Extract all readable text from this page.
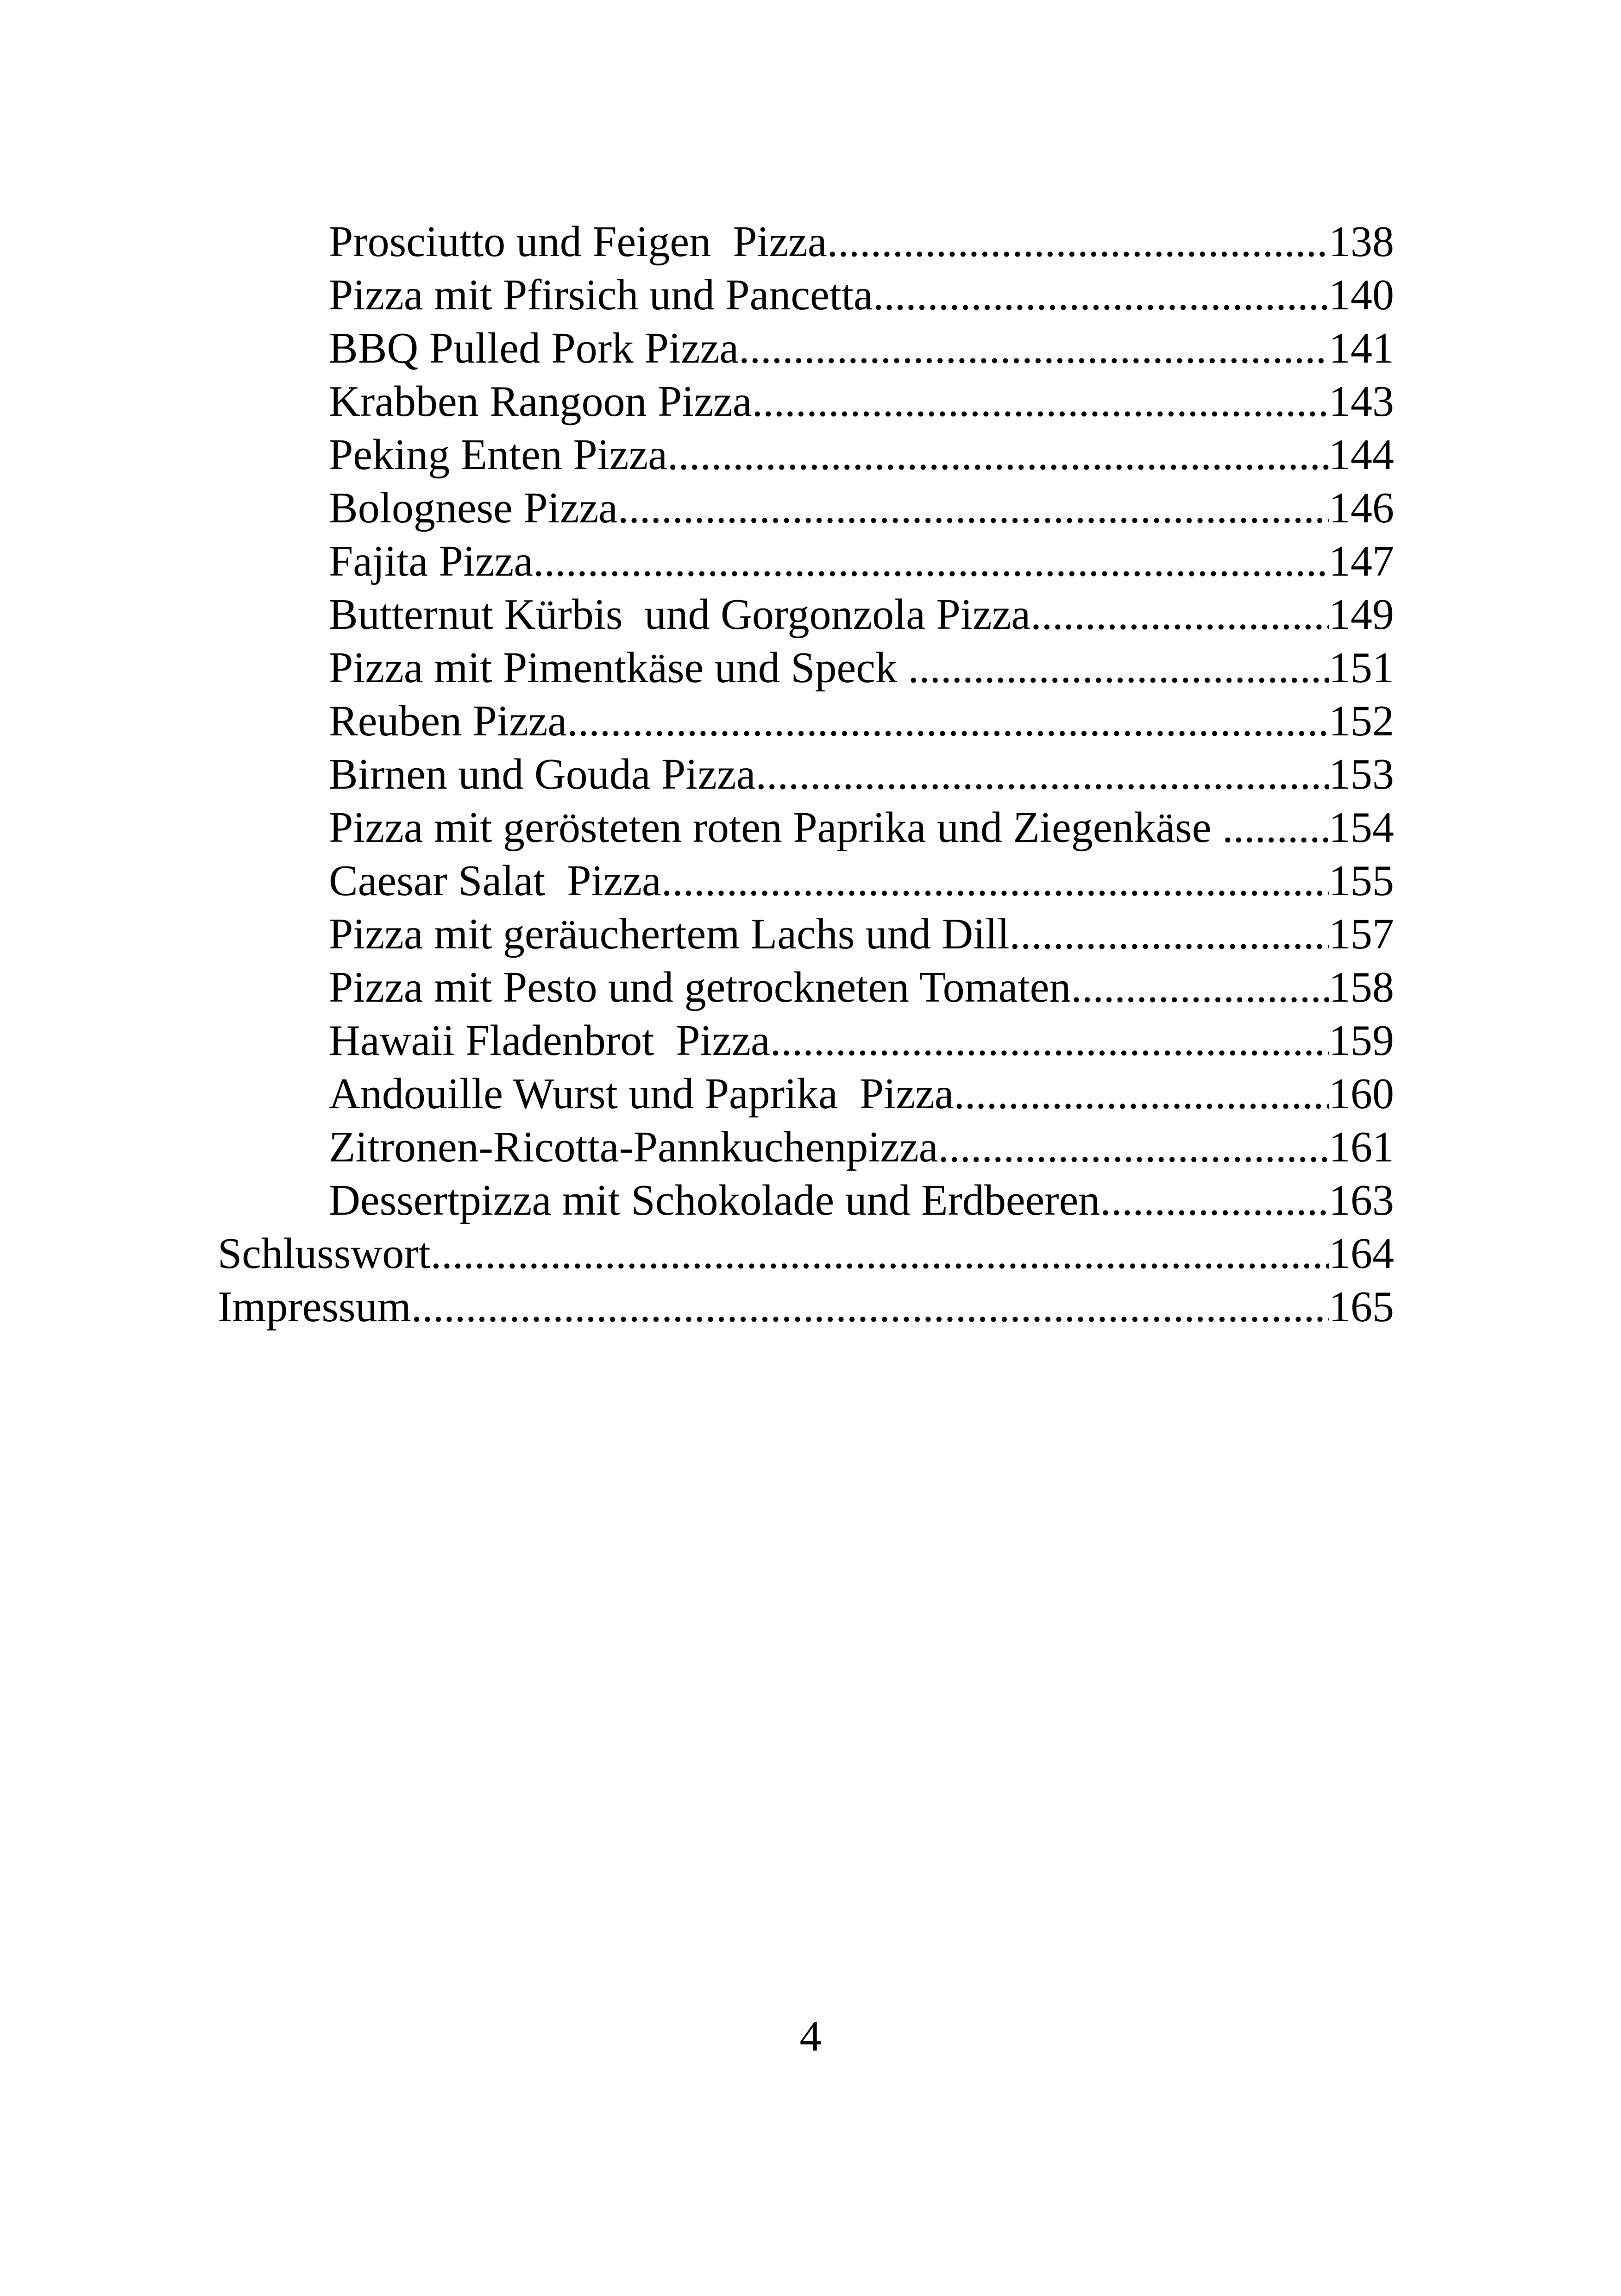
Prosciutto und Feigen  Pizza .....	138
Pizza mit Pfirsich und Pancetta .....	140
BBQ Pulled Pork Pizza .....	141
Krabben Rangoon Pizza .....	143
Peking Enten Pizza .....	144
Bolognese Pizza .....	146
Fajita Pizza .....	147
Butternut Kürbis  und Gorgonzola Pizza .....	149
Pizza mit Pimentkäse und Speck .....	151
Reuben Pizza .....	152
Birnen und Gouda Pizza .....	153
Pizza mit gerösteten roten Paprika und Ziegenkäse ..... 154
Caesar Salat  Pizza .....	155
Pizza mit geräuchertem Lachs und Dill .....	157
Pizza mit Pesto und getrockneten Tomaten .....	158
Hawaii Fladenbrot  Pizza .....	159
Andouille Wurst und Paprika  Pizza .....	160
Zitronen-Ricotta-Pannkuchenpizza .....	161
Dessertpizza mit Schokolade und Erdbeeren .....	163
Schlusswort .....	164
Impressum .....	165
4
